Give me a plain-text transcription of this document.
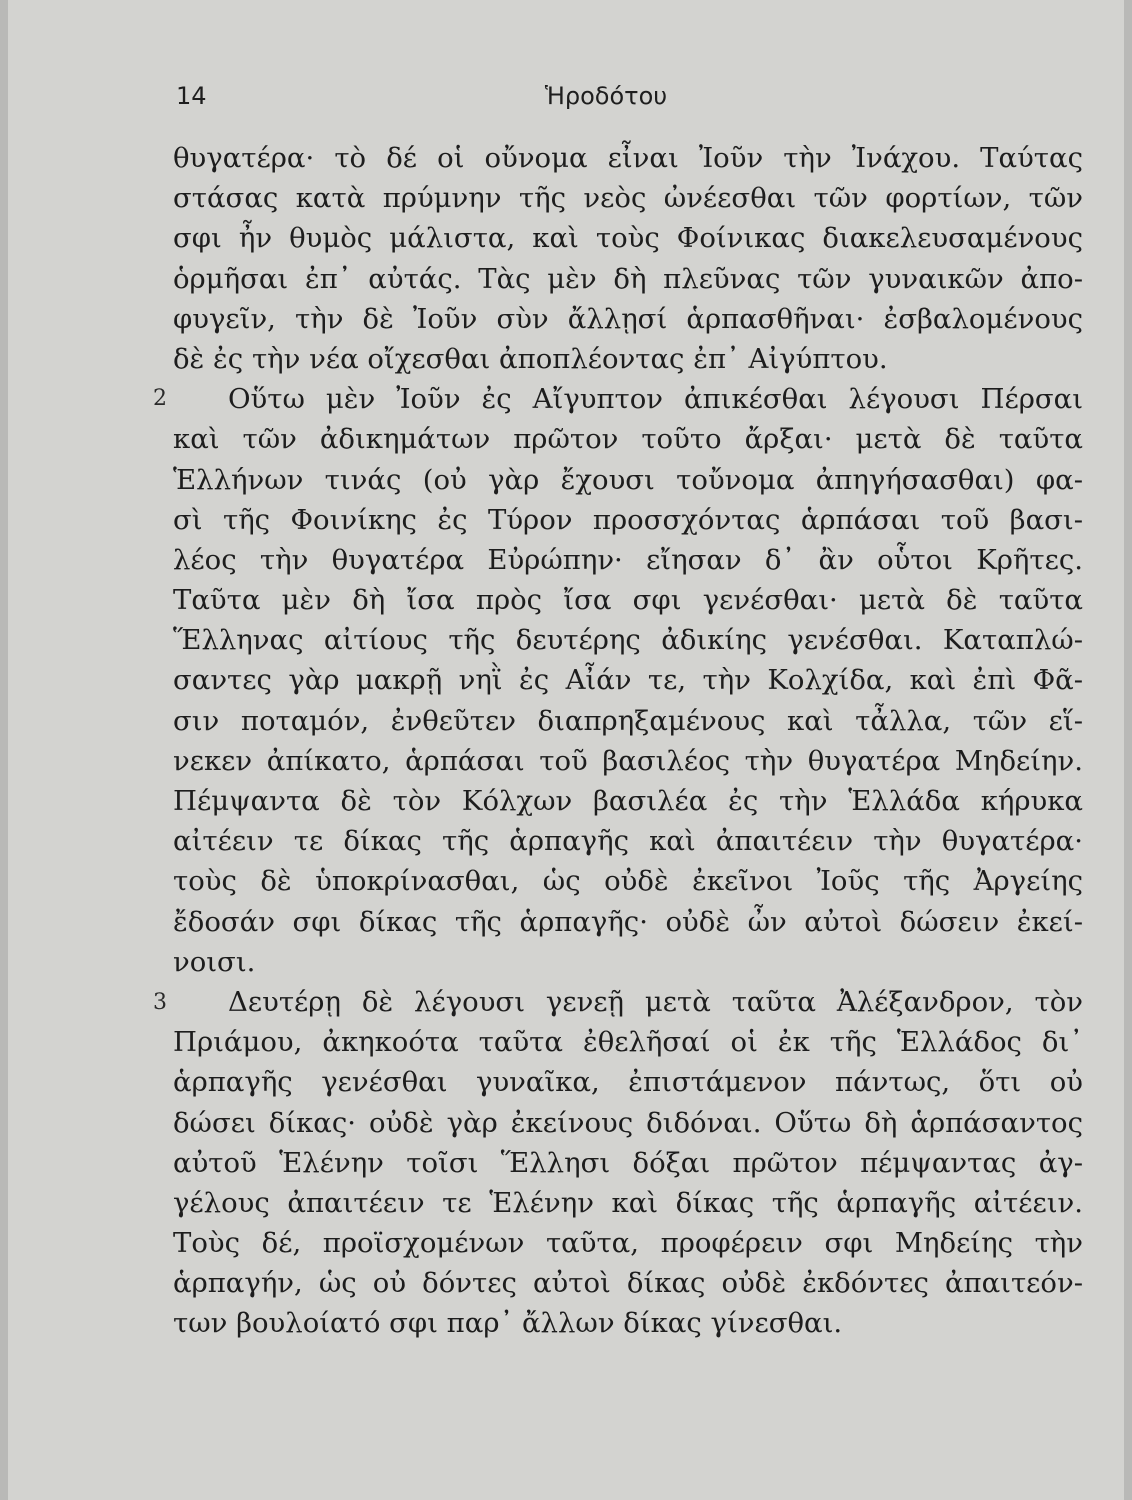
14	Ἡροδότου
θυγατέρα· τὸ δέ οἱ οὔνομα εἶναι Ἰοῦν τὴν Ἰνάχου. Ταύτας
στάσας κατὰ πρύμνην τῆς νεὸς ὠνέεσθαι τῶν φορτίων, τῶν
σφι ἦν θυμὸς μάλιστα, καὶ τοὺς Φοίνικας διακελευσαμένους
ὁρμῆσαι ἐπ᾽ αὐτάς. Τὰς μὲν δὴ πλεῦνας τῶν γυναικῶν ἀπο-
φυγεῖν, τὴν δὲ Ἰοῦν σὺν ἄλλῃσί ἁρπασθῆναι· ἐσβαλομένους
δὲ ἐς τὴν νέα οἴχεσθαι ἀποπλέοντας ἐπ᾽ Αἰγύπτου.
2	Οὕτω μὲν Ἰοῦν ἐς Αἴγυπτον ἀπικέσθαι λέγουσι Πέρσαι
καὶ τῶν ἀδικημάτων πρῶτον τοῦτο ἄρξαι· μετὰ δὲ ταῦτα
Ἑλλήνων τινάς (οὐ γὰρ ἔχουσι τοὔνομα ἀπηγήσασθαι) φα-
σὶ τῆς Φοινίκης ἐς Τύρον προσσχόντας ἁρπάσαι τοῦ βασι-
λέος τὴν θυγατέρα Εὐρώπην· εἴησαν δ᾽ ἂν οὗτοι Κρῆτες.
Ταῦτα μὲν δὴ ἴσα πρὸς ἴσα σφι γενέσθαι· μετὰ δὲ ταῦτα
Ἕλληνας αἰτίους τῆς δευτέρης ἀδικίης γενέσθαι. Καταπλώ-
σαντες γὰρ μακρῇ νηῒ ἐς Αἶάν τε, τὴν Κολχίδα, καὶ ἐπὶ Φᾶ-
σιν ποταμόν, ἐνθεῦτεν διαπρηξαμένους καὶ τἆλλα, τῶν εἵ-
νεκεν ἀπίκατο, ἁρπάσαι τοῦ βασιλέος τὴν θυγατέρα Μηδείην.
Πέμψαντα δὲ τὸν Κόλχων βασιλέα ἐς τὴν Ἑλλάδα κήρυκα
αἰτέειν τε δίκας τῆς ἁρπαγῆς καὶ ἀπαιτέειν τὴν θυγατέρα·
τοὺς δὲ ὑποκρίνασθαι, ὡς οὐδὲ ἐκεῖνοι Ἰοῦς τῆς Ἀργείης
ἔδοσάν σφι δίκας τῆς ἁρπαγῆς· οὐδὲ ὦν αὐτοὶ δώσειν ἐκεί-
νοισι.
3	Δευτέρῃ δὲ λέγουσι γενεῇ μετὰ ταῦτα Ἀλέξανδρον, τὸν
Πριάμου, ἀκηκοότα ταῦτα ἐθελῆσαί οἱ ἐκ τῆς Ἑλλάδος δι᾽
ἁρπαγῆς γενέσθαι γυναῖκα, ἐπιστάμενον πάντως, ὅτι οὐ
δώσει δίκας· οὐδὲ γὰρ ἐκείνους διδόναι. Οὕτω δὴ ἁρπάσαντος
αὐτοῦ Ἑλένην τοῖσι Ἕλλησι δόξαι πρῶτον πέμψαντας ἀγ-
γέλους ἀπαιτέειν τε Ἑλένην καὶ δίκας τῆς ἁρπαγῆς αἰτέειν.
Τοὺς δέ, προϊσχομένων ταῦτα, προφέρειν σφι Μηδείης τὴν
ἁρπαγήν, ὡς οὐ δόντες αὐτοὶ δίκας οὐδὲ ἐκδόντες ἀπαιτεόν-
των βουλοίατό σφι παρ᾽ ἄλλων δίκας γίνεσθαι.
